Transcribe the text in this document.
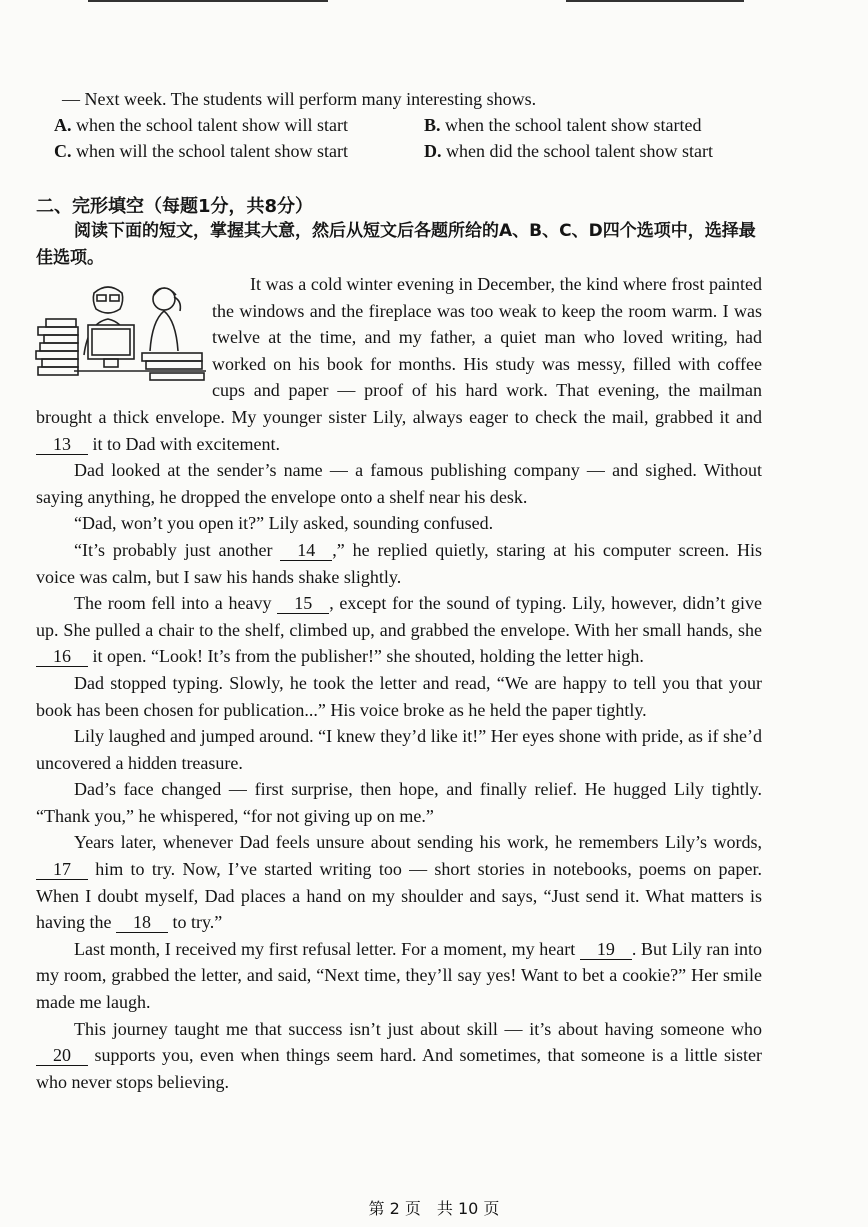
— Next week. The students will perform many interesting shows.
A. when the school talent show will start	B. when the school talent show started
C. when will the school talent show start	D. when did the school talent show start
二、完形填空（每题1分，共8分）
阅读下面的短文，掌握其大意，然后从短文后各题所给的A、B、C、D四个选项中，选择最佳选项。

It was a cold winter evening in December, the kind where frost painted the windows and the fireplace was too weak to keep the room warm. I was twelve at the time, and my father, a quiet man who loved writing, had worked on his book for months. His study was messy, filled with coffee cups and paper — proof of his hard work. That evening, the mailman brought a thick envelope. My younger sister Lily, always eager to check the mail, grabbed it and 13 it to Dad with excitement.

Dad looked at the sender’s name — a famous publishing company — and sighed. Without saying anything, he dropped the envelope onto a shelf near his desk.

“Dad, won’t you open it?” Lily asked, sounding confused.

“It’s probably just another 14 ,” he replied quietly, staring at his computer screen. His voice was calm, but I saw his hands shake slightly.

The room fell into a heavy 15 , except for the sound of typing. Lily, however, didn’t give up. She pulled a chair to the shelf, climbed up, and grabbed the envelope. With her small hands, she 16 it open. “Look! It’s from the publisher!” she shouted, holding the letter high.

Dad stopped typing. Slowly, he took the letter and read, “We are happy to tell you that your book has been chosen for publication...” His voice broke as he held the paper tightly.

Lily laughed and jumped around. “I knew they’d like it!” Her eyes shone with pride, as if she’d uncovered a hidden treasure.

Dad’s face changed — first surprise, then hope, and finally relief. He hugged Lily tightly. “Thank you,” he whispered, “for not giving up on me.”

Years later, whenever Dad feels unsure about sending his work, he remembers Lily’s words, 17 him to try. Now, I’ve started writing too — short stories in notebooks, poems on paper. When I doubt myself, Dad places a hand on my shoulder and says, “Just send it. What matters is having the 18 to try.”

Last month, I received my first refusal letter. For a moment, my heart 19 . But Lily ran into my room, grabbed the letter, and said, “Next time, they’ll say yes! Want to bet a cookie?” Her smile made me laugh.

This journey taught me that success isn’t just about skill — it’s about having someone who 20 supports you, even when things seem hard. And sometimes, that someone is a little sister who never stops believing.

第 2 页　共 10 页
